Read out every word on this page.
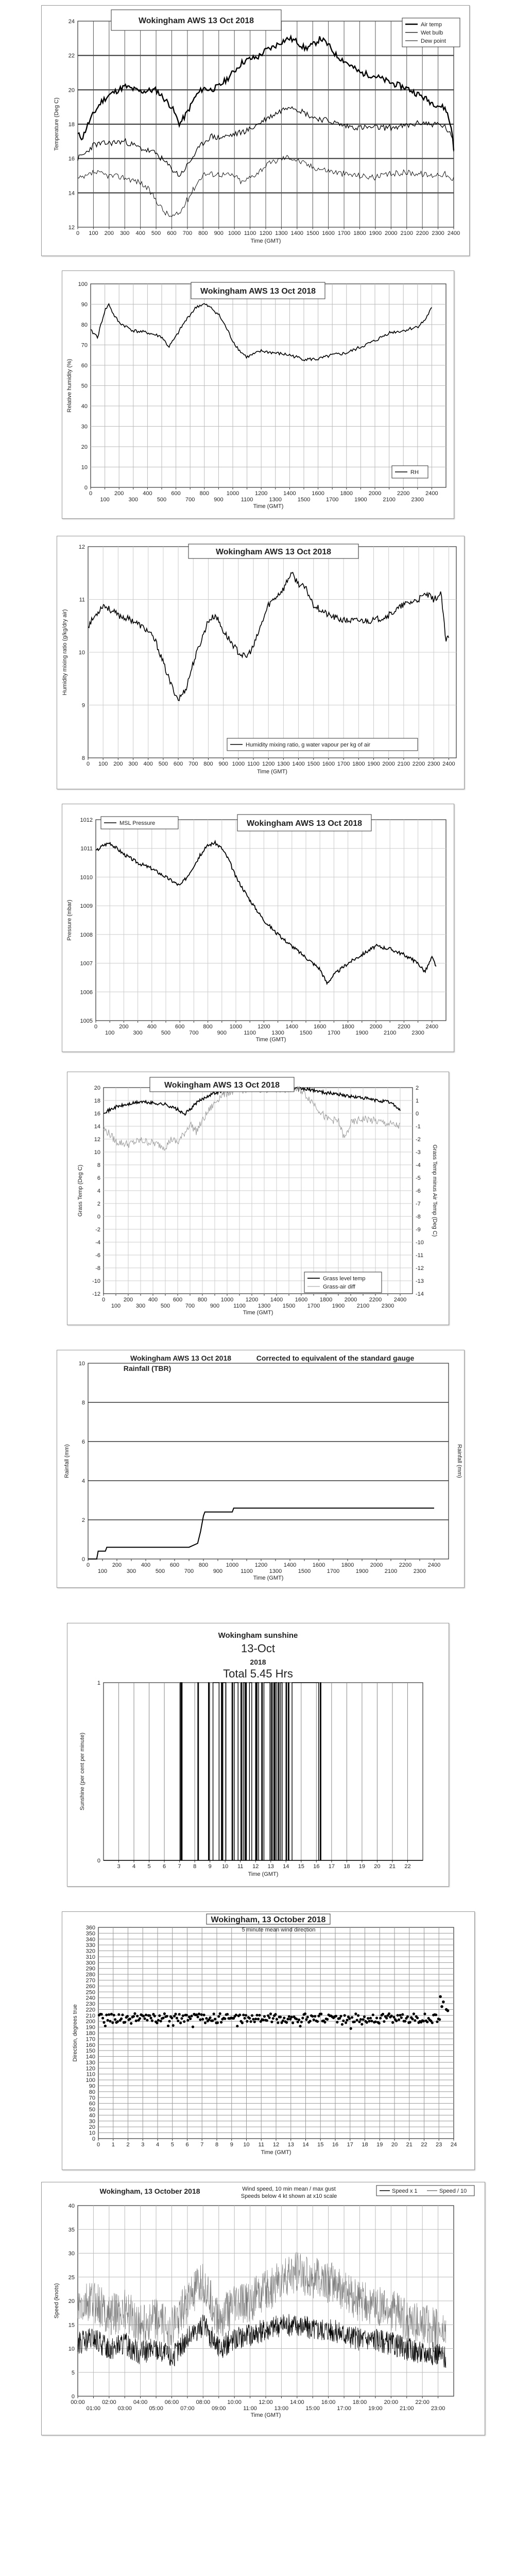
12
14
16
18
20
22
24
0 100 200 300 400 500 600 700 800 900 1000 1100 1200 1300 1400 1500 1600 1700 1800 1900 2000 2100 2200 2300 2400
Time (GMT)
Temperature (Deg C)
Wokingham AWS 13 Oct 2018	Air temp
Wet bulb
Dew point
0
10
20
30
40
50
60
70
80
90
100
0	200	400	600	800	1000	1200	1400	1600	1800	2000	2200	2400
100	300	500	700	900	1100	1300	1500	1700	1900	2100	2300
Time (GMT)
Relative humidity (%)
Wokingham AWS 13 Oct 2018
RH
8
9
10
11
12
0 100 200 300 400 500 600 700 800 900 1000 1100 1200 1300 1400 1500 1600 1700 1800 1900 2000 2100 2200 2300 2400
Time (GMT)
Humidity mixing ratio (g/kg/dry air)
Wokingham AWS 13 Oct 2018
Humidity mixing ratio, g water vapour per kg of air
1005
1006
1007
1008
1009
1010
1011
1012
0	200	400	600	800	1000	1200	1400	1600	1800	2000	2200	2400
100	300	500	700	900	1100	1300	1500	1700	1900	2100	2300
Time (GMT)
Pressure (mbar)
Wokingham AWS 13 Oct 2018
MSL Pressure
-12
-10
-8
-6
-4
-2
0
2
4
6
8
10
12
14
16
18
20
-14
-13
-12
-11
-10
-9
-8
-7
-6
-5
-4
-3
-2
-1
0
1
2
0	200	400	600	800 1000 1200 1400 1600 1800 2000 2200 2400
100	300	500	700	900 1100 1300 1500 1700 1900 2100 2300
Time (GMT)
Grass Temp (Deg C)	Grass Temp minus Air Temp (Deg C)
Wokingham AWS 13 Oct 2018
Grass level temp
Grass-air diff
0
2
4
6
8
10
0	200	400	600	800	1000	1200	1400	1600	1800	2000	2200	2400
100	300	500	700	900	1100	1300	1500	1700	1900	2100	2300
Time (GMT)
Rainfall (mm)	Rainfall (mm)
Wokingham AWS 13 Oct 2018
Rainfall (TBR)
Corrected to equivalent of the standard gauge
0
1
3 4 5 6 7 8 9 10 11 12 13 14 15 16 17 18 19 20 21 22
Time (GMT)
Sunshine (per cent per minute)
Wokingham sunshine
13-Oct
2018
Total 5.45 Hrs
0
10
20
30
40
50
60
70
80
90
100
110
120
130
140
150
160
170
180
190
200
210
220
230
240
250
260
270
280
290
300
310
320
330
340
350
360
0 1 2 3 4 5 6 7 8 9 10 11 12 13 14 15 16 17 18 19 20 21 22 23 24
Time (GMT)
Direction, degrees true
Wokingham, 13 October 2018
5 minute mean wind direction
0
5
10
15
20
25
30
35
40
00:00	02:00	04:00	06:00	08:00	10:00	12:00	14:00	16:00	18:00	20:00	22:00
01:00	03:00	05:00	07:00	09:00	11:00	13:00	15:00	17:00	19:00	21:00	23:00
Time (GMT)
Speed (knots)
Wokingham, 13 October 2018	Wind speed, 10 min mean / max gust
Speeds below 4 kt shown at x10 scale
Speed x 1	Speed / 10
